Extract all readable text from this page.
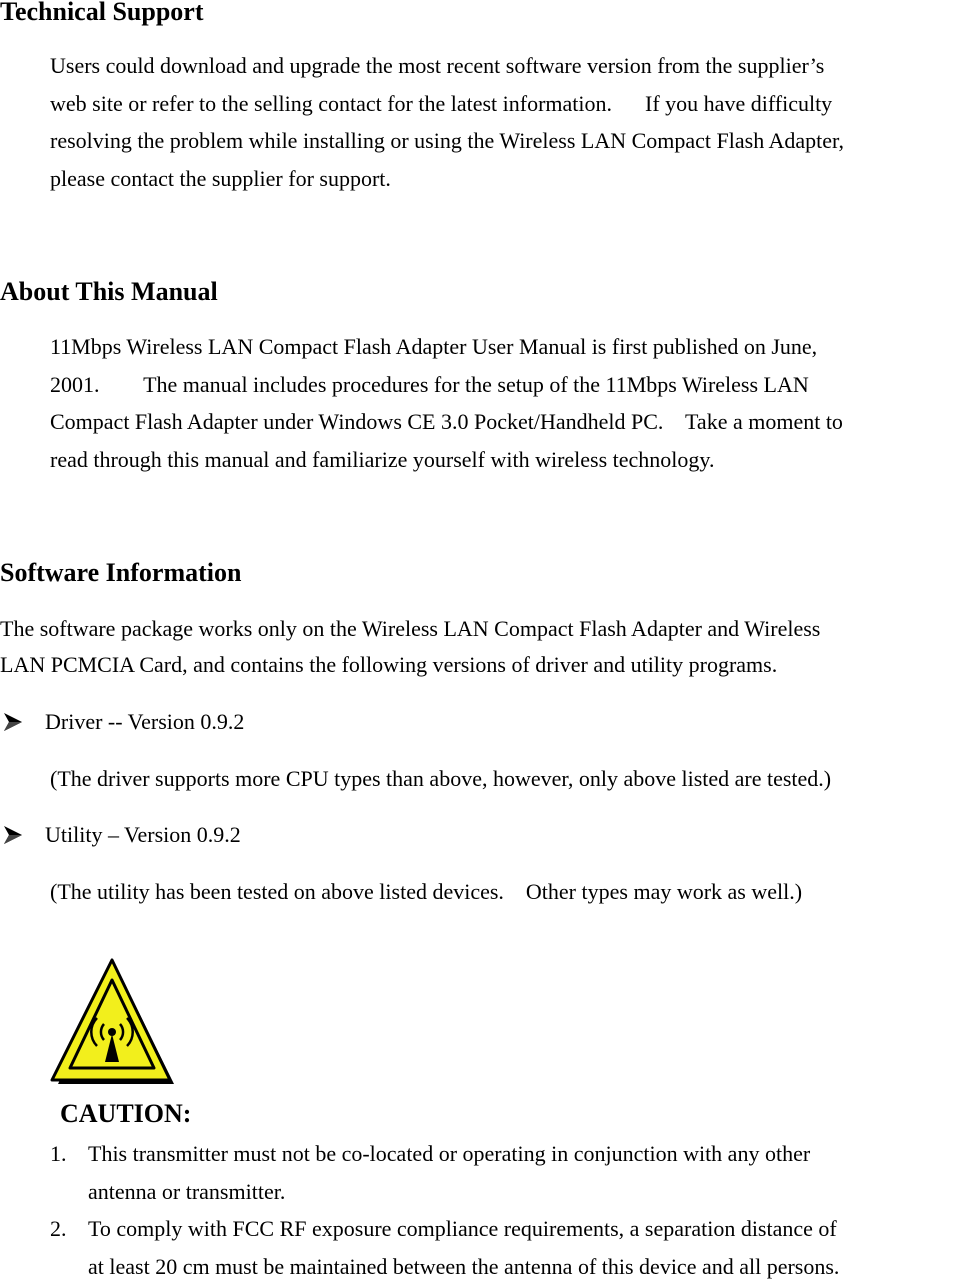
Technical Support
Users could download and upgrade the most recent software version from the supplier’s
web site or refer to the selling contact for the latest information.      If you have difficulty
resolving the problem while installing or using the Wireless LAN Compact Flash Adapter,
please contact the supplier for support.
About This Manual
11Mbps Wireless LAN Compact Flash Adapter User Manual is first published on June,
2001.        The manual includes procedures for the setup of the 11Mbps Wireless LAN
Compact Flash Adapter under Windows CE 3.0 Pocket/Handheld PC.    Take a moment to
read through this manual and familiarize yourself with wireless technology.
Software Information
The software package works only on the Wireless LAN Compact Flash Adapter and Wireless
LAN PCMCIA Card, and contains the following versions of driver and utility programs.
Driver -- Version 0.9.2
(The driver supports more CPU types than above, however, only above listed are tested.)
Utility – Version 0.9.2
(The utility has been tested on above listed devices.    Other types may work as well.)
CAUTION:
1. This transmitter must not be co-located or operating in conjunction with any other
antenna or transmitter.
2. To comply with FCC RF exposure compliance requirements, a separation distance of
at least 20 cm must be maintained between the antenna of this device and all persons.
